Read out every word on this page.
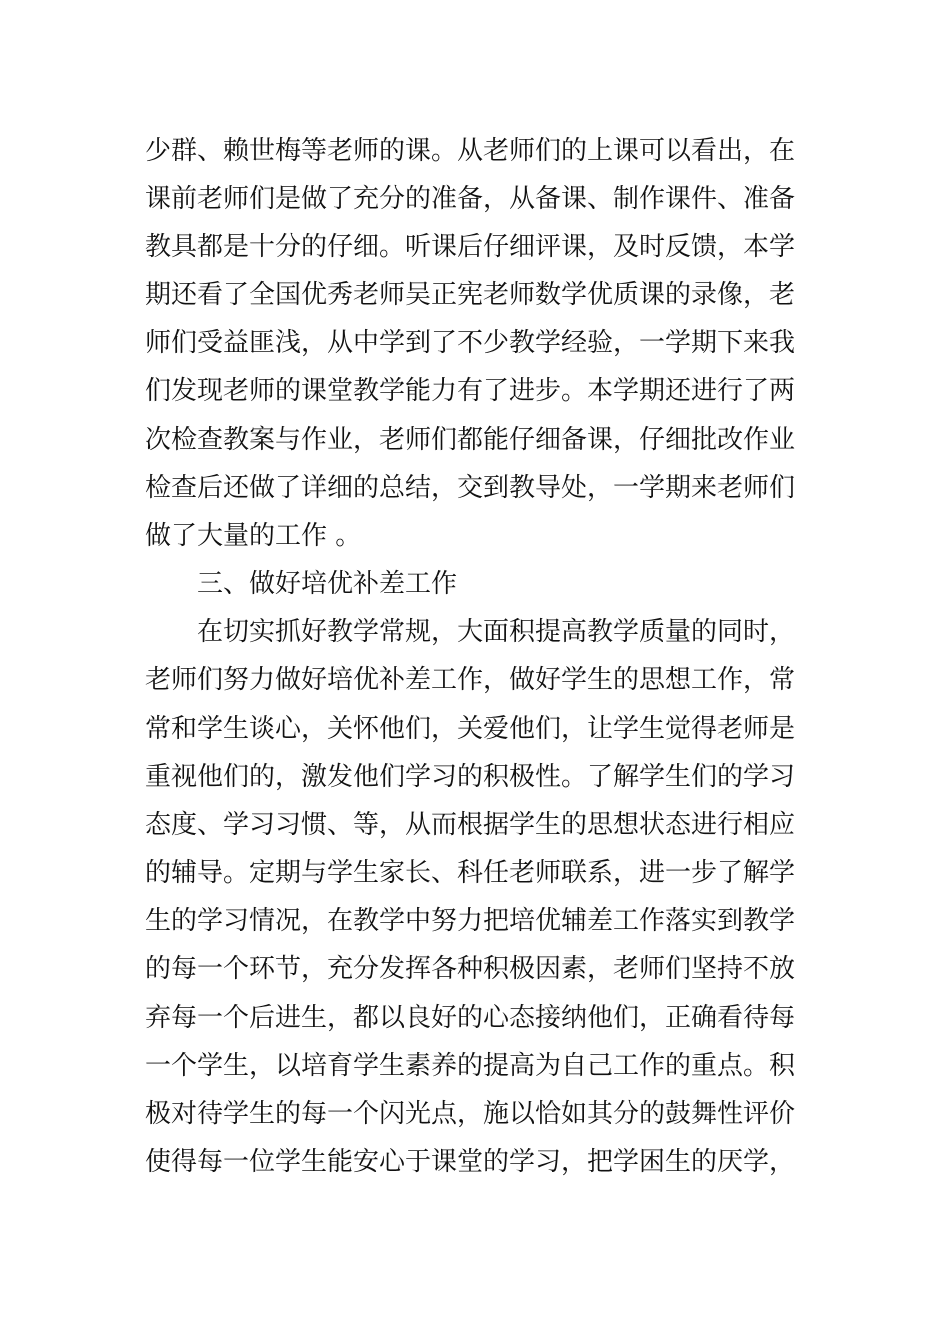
少群、赖世梅等老师的课。从老师们的上课可以看出，在
课前老师们是做了充分的准备，从备课、制作课件、准备
教具都是十分的仔细。听课后仔细评课，及时反馈，本学
期还看了全国优秀老师吴正宪老师数学优质课的录像，老
师们受益匪浅，从中学到了不少教学经验，一学期下来我
们发现老师的课堂教学能力有了进步。本学期还进行了两
次检查教案与作业，老师们都能仔细备课，仔细批改作业
检查后还做了详细的总结，交到教导处，一学期来老师们
做了大量的工作 。
三、做好培优补差工作
在切实抓好教学常规，大面积提高教学质量的同时，
老师们努力做好培优补差工作，做好学生的思想工作，常
常和学生谈心，关怀他们，关爱他们，让学生觉得老师是
重视他们的，激发他们学习的积极性。了解学生们的学习
态度、学习习惯、等，从而根据学生的思想状态进行相应
的辅导。定期与学生家长、科任老师联系，进一步了解学
生的学习情况，在教学中努力把培优辅差工作落实到教学
的每一个环节，充分发挥各种积极因素，老师们坚持不放
弃每一个后进生，都以良好的心态接纳他们，正确看待每
一个学生，以培育学生素养的提高为自己工作的重点。积
极对待学生的每一个闪光点，施以恰如其分的鼓舞性评价
使得每一位学生能安心于课堂的学习，把学困生的厌学，
